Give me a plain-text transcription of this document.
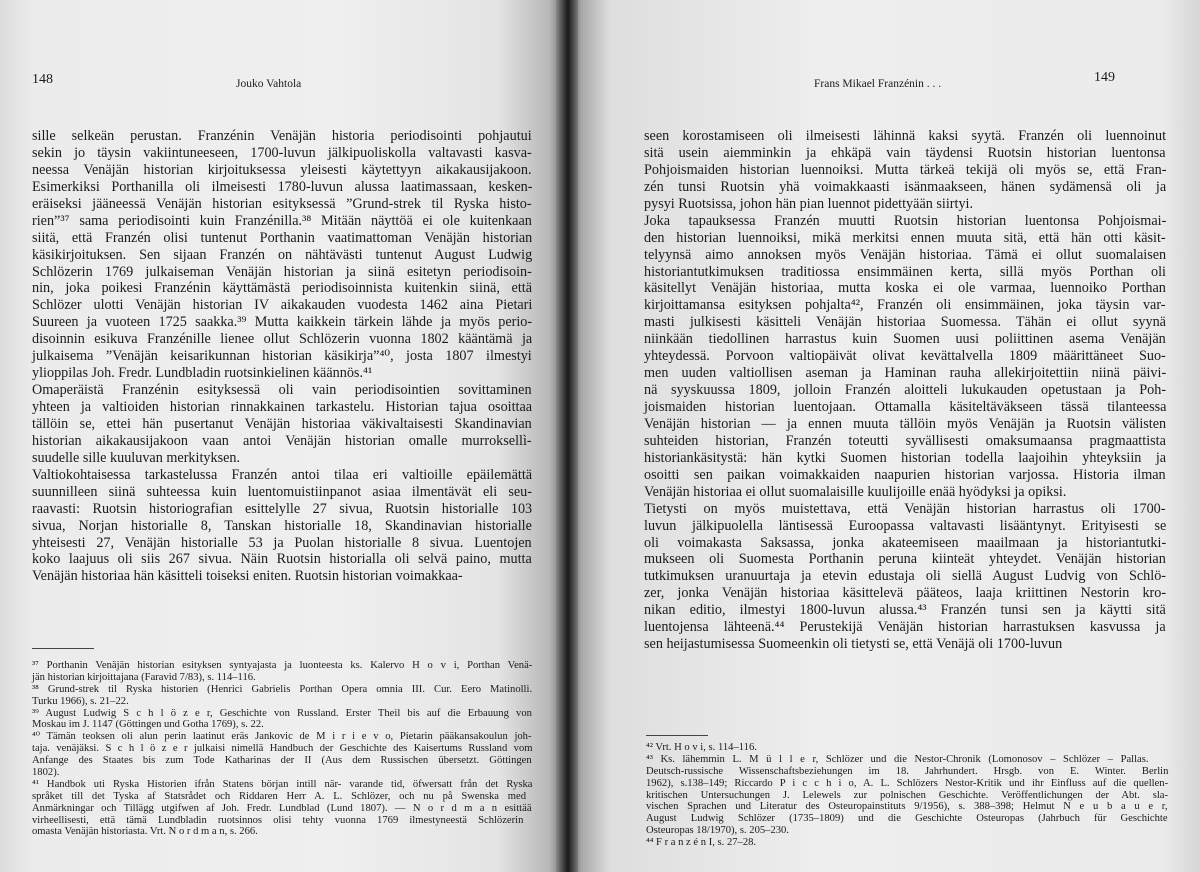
148	Jouko Vahtola
sille selkeän perustan. Franzénin Venäjän historia periodisointi pohjautui
sekin jo täysin vakiintuneeseen, 1700-luvun jälkipuoliskolla valtavasti kasva-
neessa Venäjän historian kirjoituksessa yleisesti käytettyyn aikakausijakoon.
Esimerkiksi Porthanilla oli ilmeisesti 1780-luvun alussa laatimassaan, kesken-
eräiseksi jääneessä Venäjän historian esityksessä ”Grund-strek til Ryska histo-
rien”³⁷ sama periodisointi kuin Franzénilla.³⁸ Mitään näyttöä ei ole kuitenkaan
siitä, että Franzén olisi tuntenut Porthanin vaatimattoman Venäjän historian
käsikirjoituksen. Sen sijaan Franzén on nähtävästi tuntenut August Ludwig
Schlözerin 1769 julkaiseman Venäjän historian ja siinä esitetyn periodisoin-
nin, joka poikesi Franzénin käyttämästä periodisoinnista kuitenkin siinä, että
Schlözer ulotti Venäjän historian IV aikakauden vuodesta 1462 aina Pietari
Suureen ja vuoteen 1725 saakka.³⁹ Mutta kaikkein tärkein lähde ja myös perio-
disoinnin esikuva Franzénille lienee ollut Schlözerin vuonna 1802 kääntämä ja
julkaisema ”Venäjän keisarikunnan historian käsikirja”⁴⁰, josta 1807 ilmestyi
ylioppilas Joh. Fredr. Lundbladin ruotsinkielinen käännös.⁴¹
Omaperäistä Franzénin esityksessä oli vain periodisointien sovittaminen
yhteen ja valtioiden historian rinnakkainen tarkastelu. Historian tajua osoittaa
tällöin se, ettei hän pusertanut Venäjän historiaa väkivaltaisesti Skandinavian
historian aikakausijakoon vaan antoi Venäjän historian omalle murroksellì-
suudelle sille kuuluvan merkityksen.
Valtiokohtaisessa tarkastelussa Franzén antoi tilaa eri valtioille epäilemättä
suunnilleen siinä suhteessa kuin luentomuistiinpanot asiaa ilmentävät eli seu-
raavasti: Ruotsin historiografian esittelylle 27 sivua, Ruotsin historialle 103
sivua, Norjan historialle 8, Tanskan historialle 18, Skandinavian historialle
yhteisesti 27, Venäjän historialle 53 ja Puolan historialle 8 sivua. Luentojen
koko laajuus oli siis 267 sivua. Näin Ruotsin historialla oli selvä paino, mutta
Venäjän historiaa hän käsitteli toiseksi eniten. Ruotsin historian voimakkaa-
³⁷ Porthanin Venäjän historian esityksen syntyajasta ja luonteesta ks. Kalervo H o v i, Porthan Venä-
jän historian kirjoittajana (Faravid 7/83), s. 114–116.
³⁸ Grund-strek til Ryska historien (Henrici Gabrielis Porthan Opera omnia III. Cur. Eero Matinolli.
Turku 1966), s. 21–22.
³⁹ August Ludwig S c h l ö z e r, Geschichte von Russland. Erster Theil bis auf die Erbauung von
Moskau im J. 1147 (Göttingen und Gotha 1769), s. 22.
⁴⁰ Tämän teoksen oli alun perin laatinut eräs Jankovic de M i r i e v o, Pietarin pääkansakoulun joh-
taja. venäjäksi. S c h l ö z e r julkaisi nimellä Handbuch der Geschichte des Kaisertums Russland vom
Anfange des Staates bis zum Tode Katharinas der II (Aus dem Russischen übersetzt. Göttingen
1802).
⁴¹ Handbok uti Ryska Historien ifrån Statens början intill när- varande tid, öfwersatt från det Ryska
språket till det Tyska af Statsrådet och Riddaren Herr A. L. Schlözer, och nu på Swenska med
Anmärkningar och Tillägg utgifwen af Joh. Fredr. Lundblad (Lund 1807). — N o r d m a n esittää
virheellisesti, että tämä Lundbladin ruotsinnos olisi tehty vuonna 1769 ilmestyneestä Schlözerin
omasta Venäjän historiasta. Vrt. N o r d m a n, s. 266.
149
Frans Mikael Franzénin . . .
seen korostamiseen oli ilmeisesti lähinnä kaksi syytä. Franzén oli luennoinut
sitä usein aiemminkin ja ehkäpä vain täydensi Ruotsin historian luentonsa
Pohjoismaiden historian luennoiksi. Mutta tärkeä tekijä oli myös se, että Fran-
zén tunsi Ruotsin yhä voimakkaasti isänmaakseen, hänen sydämensä oli ja
pysyi Ruotsissa, johon hän pian luennot pidettyään siirtyi.
Joka tapauksessa Franzén muutti Ruotsin historian luentonsa Pohjoismai-
den historian luennoiksi, mikä merkitsi ennen muuta sitä, että hän otti käsit-
telyynsä aimo annoksen myös Venäjän historiaa. Tämä ei ollut suomalaisen
historiantutkimuksen traditiossa ensimmäinen kerta, sillä myös Porthan oli
käsitellyt Venäjän historiaa, mutta koska ei ole varmaa, luennoiko Porthan
kirjoittamansa esityksen pohjalta⁴², Franzén oli ensimmäinen, joka täysin var-
masti julkisesti käsitteli Venäjän historiaa Suomessa. Tähän ei ollut syynä
niinkään tiedollinen harrastus kuin Suomen uusi poliittinen asema Venäjän
yhteydessä. Porvoon valtiopäivät olivat kevättalvella 1809 määrittäneet Suo-
men uuden valtiollisen aseman ja Haminan rauha allekirjoitettiin niinä päivi-
nä syyskuussa 1809, jolloin Franzén aloitteli lukukauden opetustaan ja Poh-
joismaiden historian luentojaan. Ottamalla käsiteltäväkseen tässä tilanteessa
Venäjän historian — ja ennen muuta tällöin myös Venäjän ja Ruotsin välisten
suhteiden historian, Franzén toteutti syvällisesti omaksumaansa pragmaattista
historiankäsitystä: hän kytki Suomen historian todella laajoihin yhteyksiin ja
osoitti sen paikan voimakkaiden naapurien historian varjossa. Historia ilman
Venäjän historiaa ei ollut suomalaisille kuulijoille enää hyödyksi ja opiksi.
Tietysti on myös muistettava, että Venäjän historian harrastus oli 1700-
luvun jälkipuolella läntisessä Euroopassa valtavasti lisääntynyt. Erityisesti se
oli voimakasta Saksassa, jonka akateemiseen maailmaan ja historiantutki-
mukseen oli Suomesta Porthanin peruna kiinteät yhteydet. Venäjän historian
tutkimuksen uranuurtaja ja etevin edustaja oli siellä August Ludvig von Schlö-
zer, jonka Venäjän historiaa käsittelevä pääteos, laaja kriittinen Nestorin kro-
nikan editio, ilmestyi 1800-luvun alussa.⁴³ Franzén tunsi sen ja käytti sitä
luentojensa lähteenä.⁴⁴ Perustekijä Venäjän historian harrastuksen kasvussa ja
sen heijastumisessa Suomeenkin oli tietysti se, että Venäjä oli 1700-luvun
⁴² Vrt. H o v i, s. 114–116.
⁴³ Ks. lähemmin L. M ü l l e r, Schlözer und die Nestor-Chronik (Lomonosov – Schlözer – Pallas.
Deutsch-russische Wissenschaftsbeziehungen im 18. Jahrhundert. Hrsgb. von E. Winter. Berlin
1962), s.138–149; Riccardo P i c c h i o, A. L. Schlözers Nestor-Kritik und ihr Einfluss auf die quellen-
kritischen Untersuchungen J. Lelewels zur polnischen Geschichte. Veröffentlichungen der Abt. sla-
vischen Sprachen und Literatur des Osteuropainstituts 9/1956), s. 388–398; Helmut N e u b a u e r,
August Ludwig Schlözer (1735–1809) und die Geschichte Osteuropas (Jahrbuch für Geschichte
Osteuropas 18/1970), s. 205–230.
⁴⁴ F r a n z é n I, s. 27–28.
